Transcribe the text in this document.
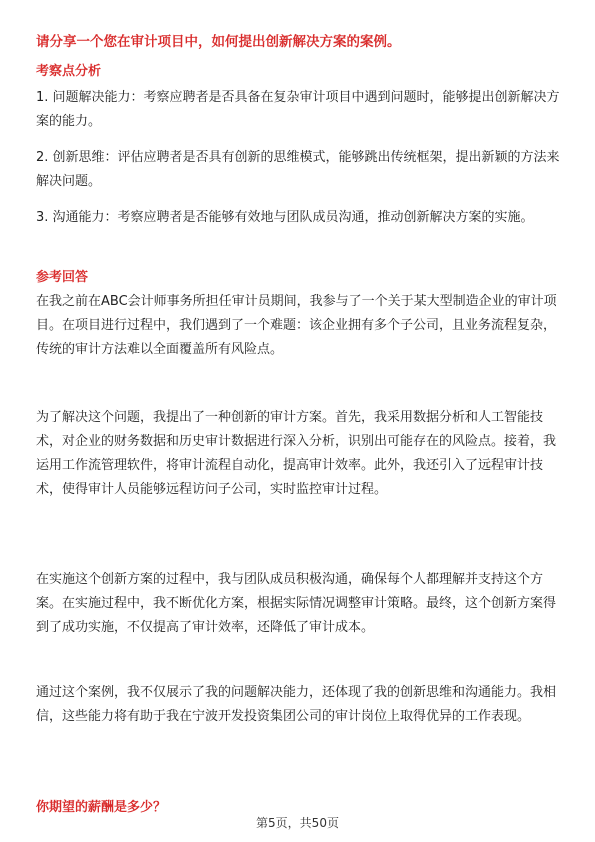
请分享一个您在审计项目中，如何提出创新解决方案的案例。

考察点分析

1. 问题解决能力：考察应聘者是否具备在复杂审计项目中遇到问题时，能够提出创新解决方案的能力。

2. 创新思维：评估应聘者是否具有创新的思维模式，能够跳出传统框架，提出新颖的方法来解决问题。

3. 沟通能力：考察应聘者是否能够有效地与团队成员沟通，推动创新解决方案的实施。

参考回答

在我之前在ABC会计师事务所担任审计员期间，我参与了一个关于某大型制造企业的审计项目。在项目进行过程中，我们遇到了一个难题：该企业拥有多个子公司，且业务流程复杂，传统的审计方法难以全面覆盖所有风险点。

为了解决这个问题，我提出了一种创新的审计方案。首先，我采用数据分析和人工智能技术，对企业的财务数据和历史审计数据进行深入分析，识别出可能存在的风险点。接着，我运用工作流管理软件，将审计流程自动化，提高审计效率。此外，我还引入了远程审计技术，使得审计人员能够远程访问子公司，实时监控审计过程。

在实施这个创新方案的过程中，我与团队成员积极沟通，确保每个人都理解并支持这个方案。在实施过程中，我不断优化方案，根据实际情况调整审计策略。最终，这个创新方案得到了成功实施，不仅提高了审计效率，还降低了审计成本。

通过这个案例，我不仅展示了我的问题解决能力，还体现了我的创新思维和沟通能力。我相信，这些能力将有助于我在宁波开发投资集团公司的审计岗位上取得优异的工作表现。

你期望的薪酬是多少？

第5页，共50页
